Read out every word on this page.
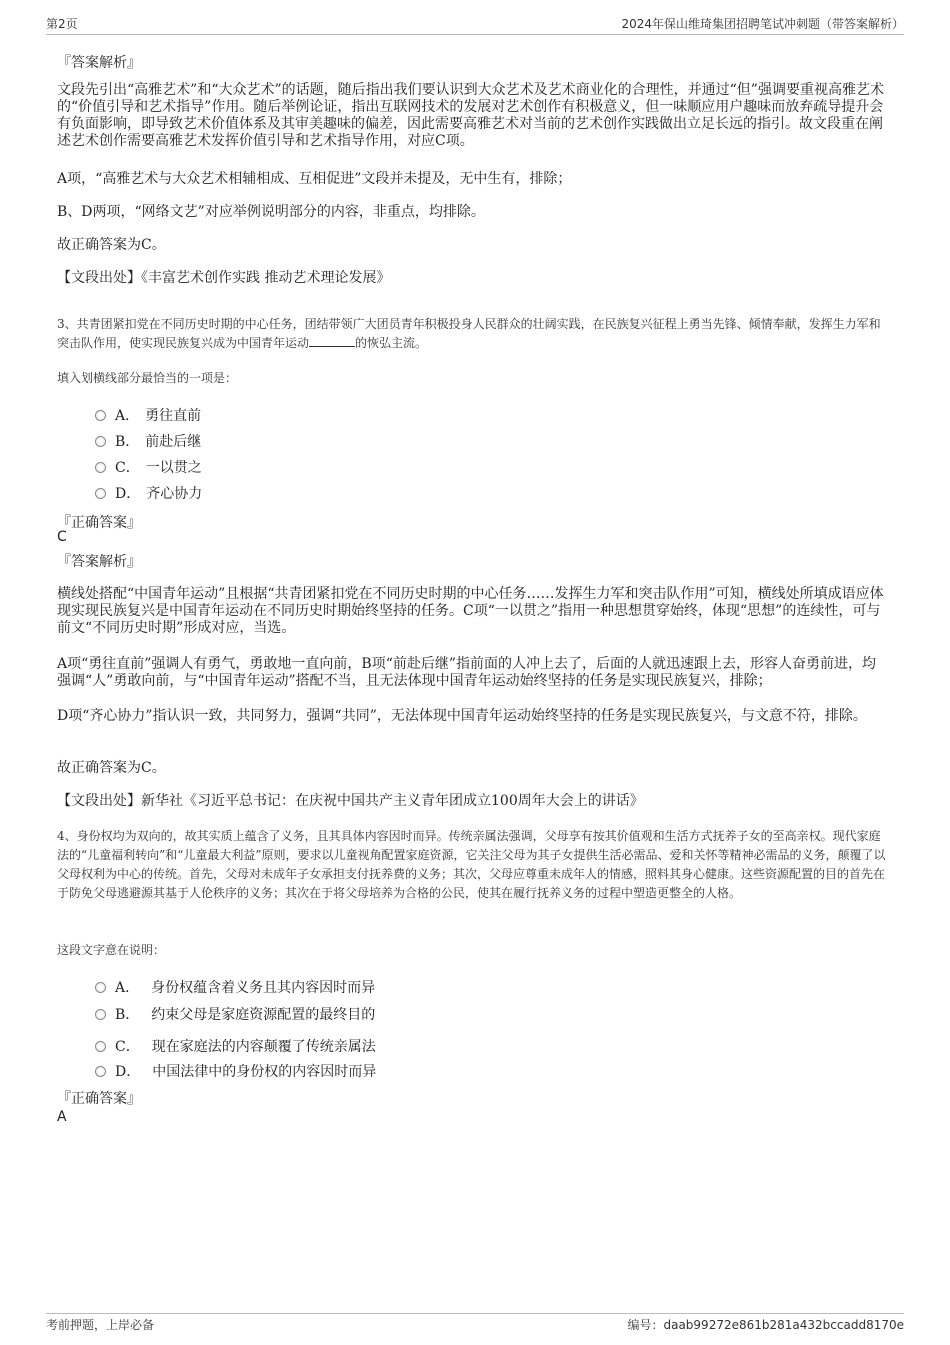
第2页	2024年保山维琦集团招聘笔试冲刺题（带答案解析）
『答案解析』
文段先引出“高雅艺术”和“大众艺术”的话题，随后指出我们要认识到大众艺术及艺术商业化的合理性，并通过“但”强调要重视高雅艺术的“价值引导和艺术指导”作用。随后举例论证，指出互联网技术的发展对艺术创作有积极意义，但一味顺应用户趣味而放弃疏导提升会有负面影响，即导致艺术价值体系及其审美趣味的偏差，因此需要高雅艺术对当前的艺术创作实践做出立足长远的指引。故文段重在阐述艺术创作需要高雅艺术发挥价值引导和艺术指导作用，对应C项。
A项，“高雅艺术与大众艺术相辅相成、互相促进”文段并未提及，无中生有，排除；
B、D两项，“网络文艺”对应举例说明部分的内容，非重点，均排除。
故正确答案为C。
【文段出处】《丰富艺术创作实践 推动艺术理论发展》
3、共青团紧扣党在不同历史时期的中心任务，团结带领广大团员青年积极投身人民群众的壮阔实践，在民族复兴征程上勇当先锋、倾情奉献，发挥生力军和突击队作用，使实现民族复兴成为中国青年运动	的恢弘主流。
填入划横线部分最恰当的一项是：
A． 勇往直前
B． 前赴后继
C． 一以贯之
D． 齐心协力
『正确答案』
C
『答案解析』
横线处搭配“中国青年运动”且根据“共青团紧扣党在不同历史时期的中心任务……发挥生力军和突击队作用”可知，横线处所填成语应体现实现民族复兴是中国青年运动在不同历史时期始终坚持的任务。C项“一以贯之”指用一种思想贯穿始终，体现“思想”的连续性，可与前文“不同历史时期”形成对应，当选。
A项“勇往直前”强调人有勇气，勇敢地一直向前，B项“前赴后继”指前面的人冲上去了，后面的人就迅速跟上去，形容人奋勇前进，均强调“人”勇敢向前，与“中国青年运动”搭配不当，且无法体现中国青年运动始终坚持的任务是实现民族复兴，排除；
D项“齐心协力”指认识一致，共同努力，强调“共同”，无法体现中国青年运动始终坚持的任务是实现民族复兴，与文意不符，排除。
故正确答案为C。
【文段出处】新华社《习近平总书记：在庆祝中国共产主义青年团成立100周年大会上的讲话》
4、身份权均为双向的，故其实质上蕴含了义务，且其具体内容因时而异。传统亲属法强调，父母享有按其价值观和生活方式抚养子女的至高亲权。现代家庭法的“儿童福利转向”和“儿童最大利益”原则，要求以儿童视角配置家庭资源，它关注父母为其子女提供生活必需品、爱和关怀等精神必需品的义务，颠覆了以父母权利为中心的传统。首先，父母对未成年子女承担支付抚养费的义务；其次，父母应尊重未成年人的情感，照料其身心健康。这些资源配置的目的首先在于防免父母逃避源其基于人伦秩序的义务；其次在于将父母培养为合格的公民，使其在履行抚养义务的过程中塑造更整全的人格。
这段文字意在说明：
A． 身份权蕴含着义务且其内容因时而异
B． 约束父母是家庭资源配置的最终目的
C． 现在家庭法的内容颠覆了传统亲属法
D． 中国法律中的身份权的内容因时而异
『正确答案』
A
考前押题，上岸必备	编号：daab99272e861b281a432bccadd8170e
